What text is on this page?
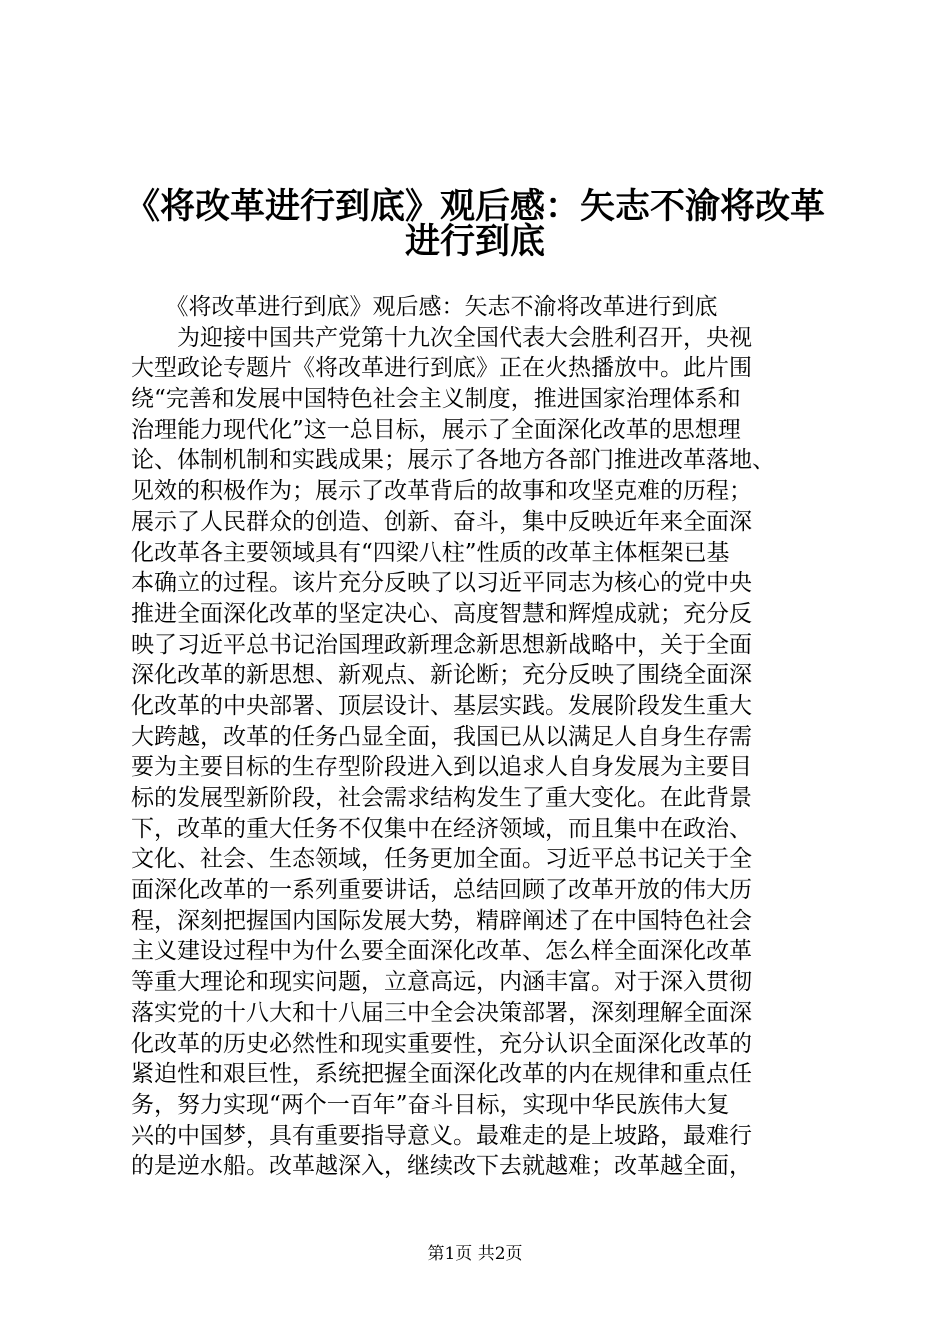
《将改革进行到底》观后感：矢志不渝将改革
进行到底
　　《将改革进行到底》观后感：矢志不渝将改革进行到底
　　为迎接中国共产党第十九次全国代表大会胜利召开，央视
大型政论专题片《将改革进行到底》正在火热播放中。此片围
绕“完善和发展中国特色社会主义制度，推进国家治理体系和
治理能力现代化”这一总目标，展示了全面深化改革的思想理
论、体制机制和实践成果；展示了各地方各部门推进改革落地、
见效的积极作为；展示了改革背后的故事和攻坚克难的历程；
展示了人民群众的创造、创新、奋斗，集中反映近年来全面深
化改革各主要领域具有“四梁八柱”性质的改革主体框架已基
本确立的过程。该片充分反映了以习近平同志为核心的党中央
推进全面深化改革的坚定决心、高度智慧和辉煌成就；充分反
映了习近平总书记治国理政新理念新思想新战略中，关于全面
深化改革的新思想、新观点、新论断；充分反映了围绕全面深
化改革的中央部署、顶层设计、基层实践。发展阶段发生重大
大跨越，改革的任务凸显全面，我国已从以满足人自身生存需
要为主要目标的生存型阶段进入到以追求人自身发展为主要目
标的发展型新阶段，社会需求结构发生了重大变化。在此背景
下，改革的重大任务不仅集中在经济领域，而且集中在政治、
文化、社会、生态领域，任务更加全面。习近平总书记关于全
面深化改革的一系列重要讲话，总结回顾了改革开放的伟大历
程，深刻把握国内国际发展大势，精辟阐述了在中国特色社会
主义建设过程中为什么要全面深化改革、怎么样全面深化改革
等重大理论和现实问题，立意高远，内涵丰富。对于深入贯彻
落实党的十八大和十八届三中全会决策部署，深刻理解全面深
化改革的历史必然性和现实重要性，充分认识全面深化改革的
紧迫性和艰巨性，系统把握全面深化改革的内在规律和重点任
务，努力实现“两个一百年”奋斗目标，实现中华民族伟大复
兴的中国梦，具有重要指导意义。最难走的是上坡路，最难行
的是逆水船。改革越深入，继续改下去就越难；改革越全面，
第1页 共2页
